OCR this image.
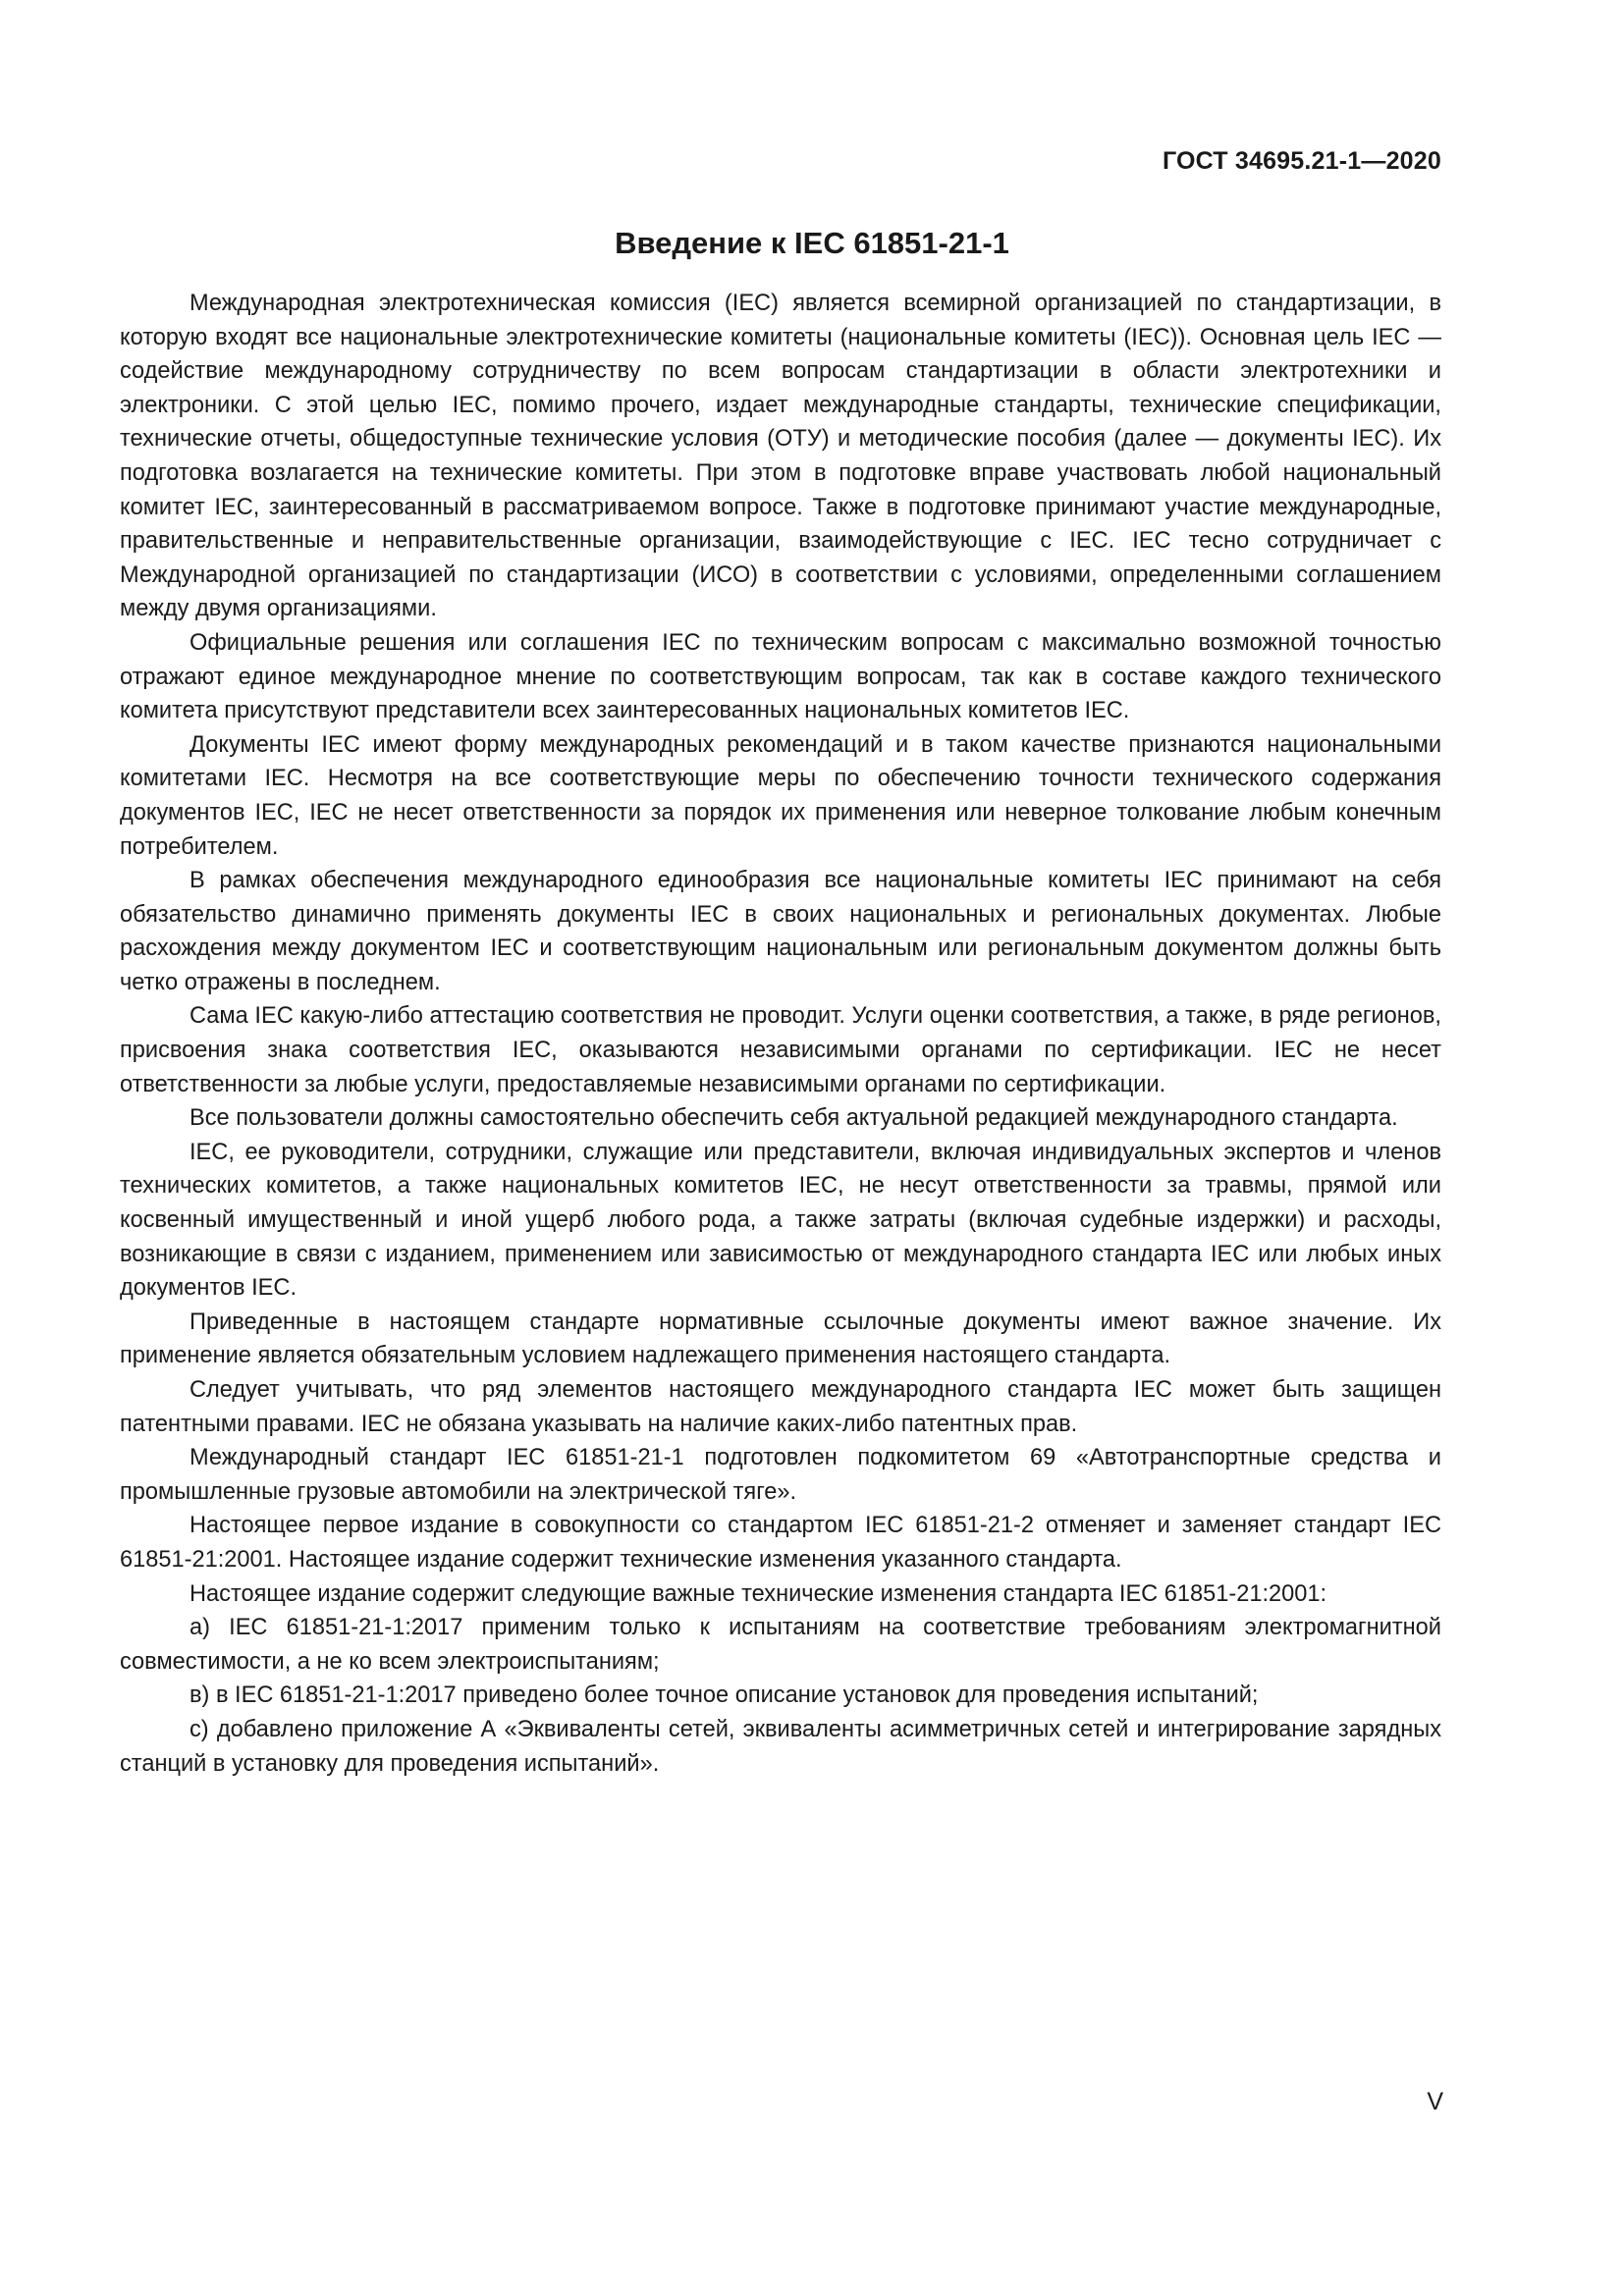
ГОСТ 34695.21-1—2020
Введение к IEC 61851-21-1

Международная электротехническая комиссия (IEC) является всемирной организацией по стандартизации, в которую входят все национальные электротехнические комитеты (национальные комитеты (IEC)). Основная цель IEC — содействие международному сотрудничеству по всем вопросам стандартизации в области электротехники и электроники. С этой целью IEC, помимо прочего, издает международные стандарты, технические спецификации, технические отчеты, общедоступные технические условия (ОТУ) и методические пособия (далее — документы IEC). Их подготовка возлагается на технические комитеты. При этом в подготовке вправе участвовать любой национальный комитет IEC, заинтересованный в рассматриваемом вопросе. Также в подготовке принимают участие международные, правительственные и неправительственные организации, взаимодействующие с IEC. IEC тесно сотрудничает с Международной организацией по стандартизации (ИСО) в соответствии с условиями, определенными соглашением между двумя организациями.

Официальные решения или соглашения IEC по техническим вопросам с максимально возможной точностью отражают единое международное мнение по соответствующим вопросам, так как в составе каждого технического комитета присутствуют представители всех заинтересованных национальных комитетов IEC.

Документы IEC имеют форму международных рекомендаций и в таком качестве признаются национальными комитетами IEC. Несмотря на все соответствующие меры по обеспечению точности технического содержания документов IEC, IEC не несет ответственности за порядок их применения или неверное толкование любым конечным потребителем.

В рамках обеспечения международного единообразия все национальные комитеты IEC принимают на себя обязательство динамично применять документы IEC в своих национальных и региональных документах. Любые расхождения между документом IEC и соответствующим национальным или региональным документом должны быть четко отражены в последнем.

Сама IEC какую-либо аттестацию соответствия не проводит. Услуги оценки соответствия, а также, в ряде регионов, присвоения знака соответствия IEC, оказываются независимыми органами по сертификации. IEC не несет ответственности за любые услуги, предоставляемые независимыми органами по сертификации.

Все пользователи должны самостоятельно обеспечить себя актуальной редакцией международного стандарта.

IEC, ее руководители, сотрудники, служащие или представители, включая индивидуальных экспертов и членов технических комитетов, а также национальных комитетов IEC, не несут ответственности за травмы, прямой или косвенный имущественный и иной ущерб любого рода, а также затраты (включая судебные издержки) и расходы, возникающие в связи с изданием, применением или зависимостью от международного стандарта IEC или любых иных документов IEC.

Приведенные в настоящем стандарте нормативные ссылочные документы имеют важное значение. Их применение является обязательным условием надлежащего применения настоящего стандарта.

Следует учитывать, что ряд элементов настоящего международного стандарта IEC может быть защищен патентными правами. IEC не обязана указывать на наличие каких-либо патентных прав.

Международный стандарт IEC 61851-21-1 подготовлен подкомитетом 69 «Автотранспортные средства и промышленные грузовые автомобили на электрической тяге».

Настоящее первое издание в совокупности со стандартом IEC 61851-21-2 отменяет и заменяет стандарт IEC 61851-21:2001. Настоящее издание содержит технические изменения указанного стандарта.

Настоящее издание содержит следующие важные технические изменения стандарта IEC 61851-21:2001:

а) IEC 61851-21-1:2017 применим только к испытаниям на соответствие требованиям электромагнитной совместимости, а не ко всем электроиспытаниям;

в) в IEC 61851-21-1:2017 приведено более точное описание установок для проведения испытаний;

c) добавлено приложение А «Эквиваленты сетей, эквиваленты асимметричных сетей и интегрирование зарядных станций в установку для проведения испытаний».

V
